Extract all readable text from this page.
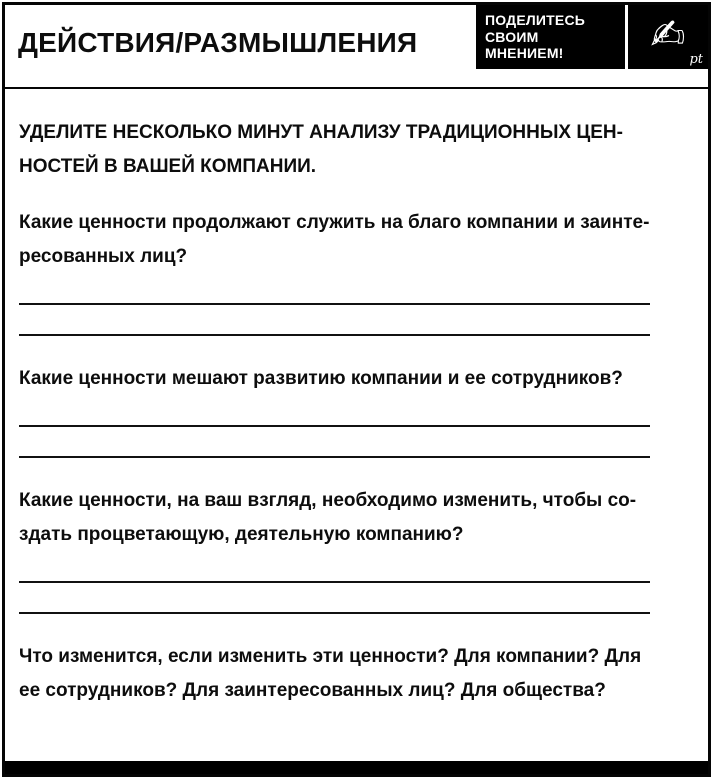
ДЕЙСТВИЯ/РАЗМЫШЛЕНИЯ
ПОДЕЛИТЕСЬ
СВОИМ
МНЕНИЕМ!	✍
pt

УДЕЛИТЕ НЕСКОЛЬКО МИНУТ АНАЛИЗУ ТРАДИЦИОННЫХ ЦЕН-
НОСТЕЙ В ВАШЕЙ КОМПАНИИ.

Какие ценности продолжают служить на благо компании и заинте-
ресованных лиц?

Какие ценности мешают развитию компании и ее сотрудников?

Какие ценности, на ваш взгляд, необходимо изменить, чтобы со-
здать процветающую, деятельную компанию?

Что изменится, если изменить эти ценности? Для компании? Для
ее сотрудников? Для заинтересованных лиц? Для общества?
